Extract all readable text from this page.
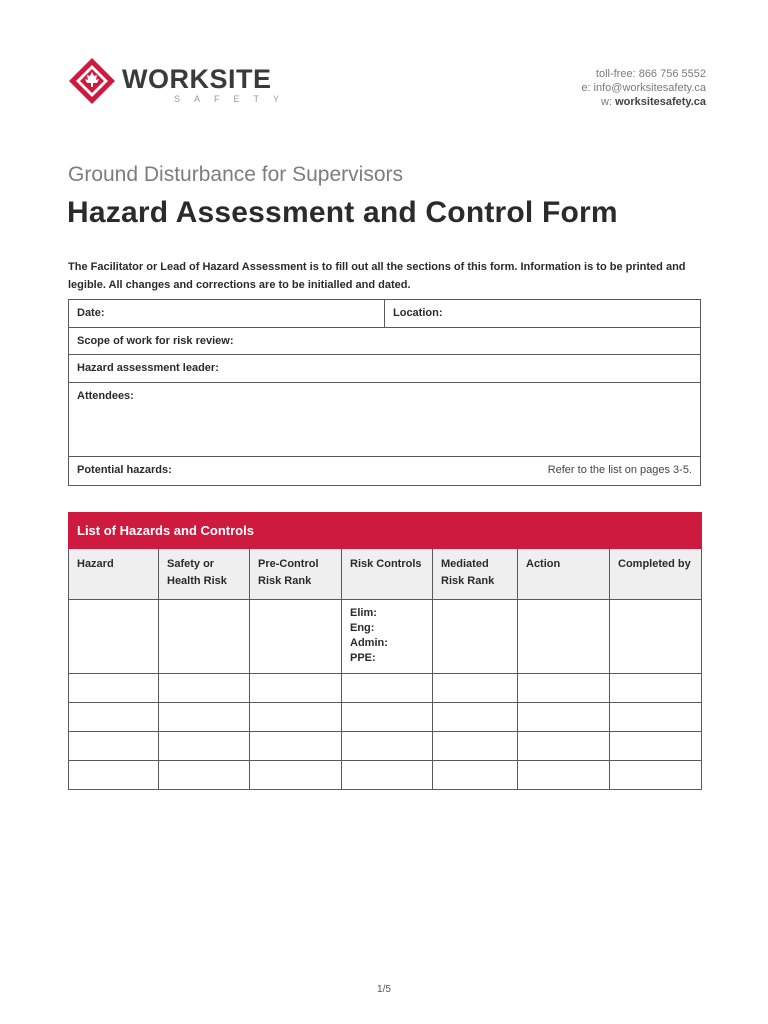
WORKSITE
SAFETY
toll-free: 866 756 5552
e: info@worksitesafety.ca
w: worksitesafety.ca
Ground Disturbance for Supervisors
Hazard Assessment and Control Form
The Facilitator or Lead of Hazard Assessment is to fill out all the sections of this form. Information is to be printed and legible. All changes and corrections are to be initialled and dated.
Date:	Location:
Scope of work for risk review:
Hazard assessment leader:
Attendees:
Potential hazards:	Refer to the list on pages 3-5.
List of Hazards and Controls						
Hazard	Safety or Health Risk	Pre-Control Risk Rank	Risk Controls	Mediated Risk Rank	Action	Completed by

			Elim:
Eng:
Admin:
PPE:			

1/5
